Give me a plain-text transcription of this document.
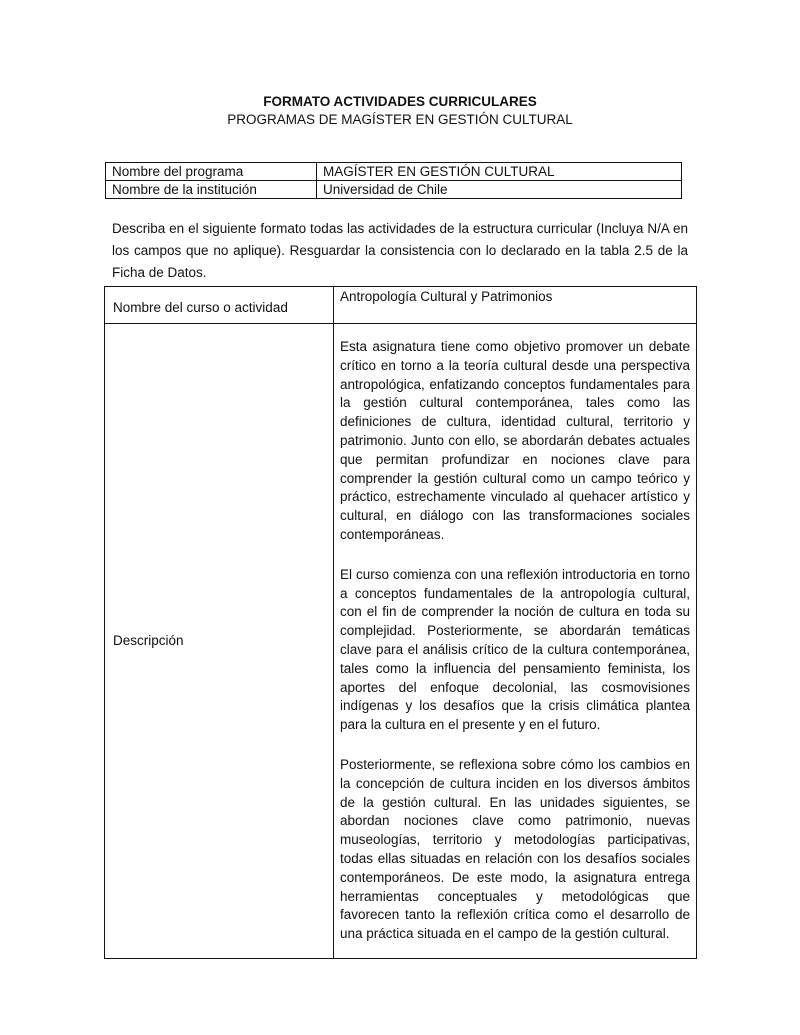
FORMATO ACTIVIDADES CURRICULARES
PROGRAMAS DE MAGÍSTER EN GESTIÓN CULTURAL
Nombre del programa	MAGÍSTER EN GESTIÓN CULTURAL
Nombre de la institución	Universidad de Chile
Describa en el siguiente formato todas las actividades de la estructura curricular (Incluya N/A en los campos que no aplique). Resguardar la consistencia con lo declarado en la tabla 2.5 de la Ficha de Datos.
Nombre del curso o actividad	Antropología Cultural y Patrimonios
Descripción	Esta asignatura tiene como objetivo promover un debate crítico en torno a la teoría cultural desde una perspectiva antropológica, enfatizando conceptos fundamentales para la gestión cultural contemporánea, tales como las definiciones de cultura, identidad cultural, territorio y patrimonio. Junto con ello, se abordarán debates actuales que permitan profundizar en nociones clave para comprender la gestión cultural como un campo teórico y práctico, estrechamente vinculado al quehacer artístico y cultural, en diálogo con las transformaciones sociales contemporáneas.

El curso comienza con una reflexión introductoria en torno a conceptos fundamentales de la antropología cultural, con el fin de comprender la noción de cultura en toda su complejidad. Posteriormente, se abordarán temáticas clave para el análisis crítico de la cultura contemporánea, tales como la influencia del pensamiento feminista, los aportes del enfoque decolonial, las cosmovisiones indígenas y los desafíos que la crisis climática plantea para la cultura en el presente y en el futuro.

Posteriormente, se reflexiona sobre cómo los cambios en la concepción de cultura inciden en los diversos ámbitos de la gestión cultural. En las unidades siguientes, se abordan nociones clave como patrimonio, nuevas museologías, territorio y metodologías participativas, todas ellas situadas en relación con los desafíos sociales contemporáneos. De este modo, la asignatura entrega herramientas conceptuales y metodológicas que favorecen tanto la reflexión crítica como el desarrollo de una práctica situada en el campo de la gestión cultural.
